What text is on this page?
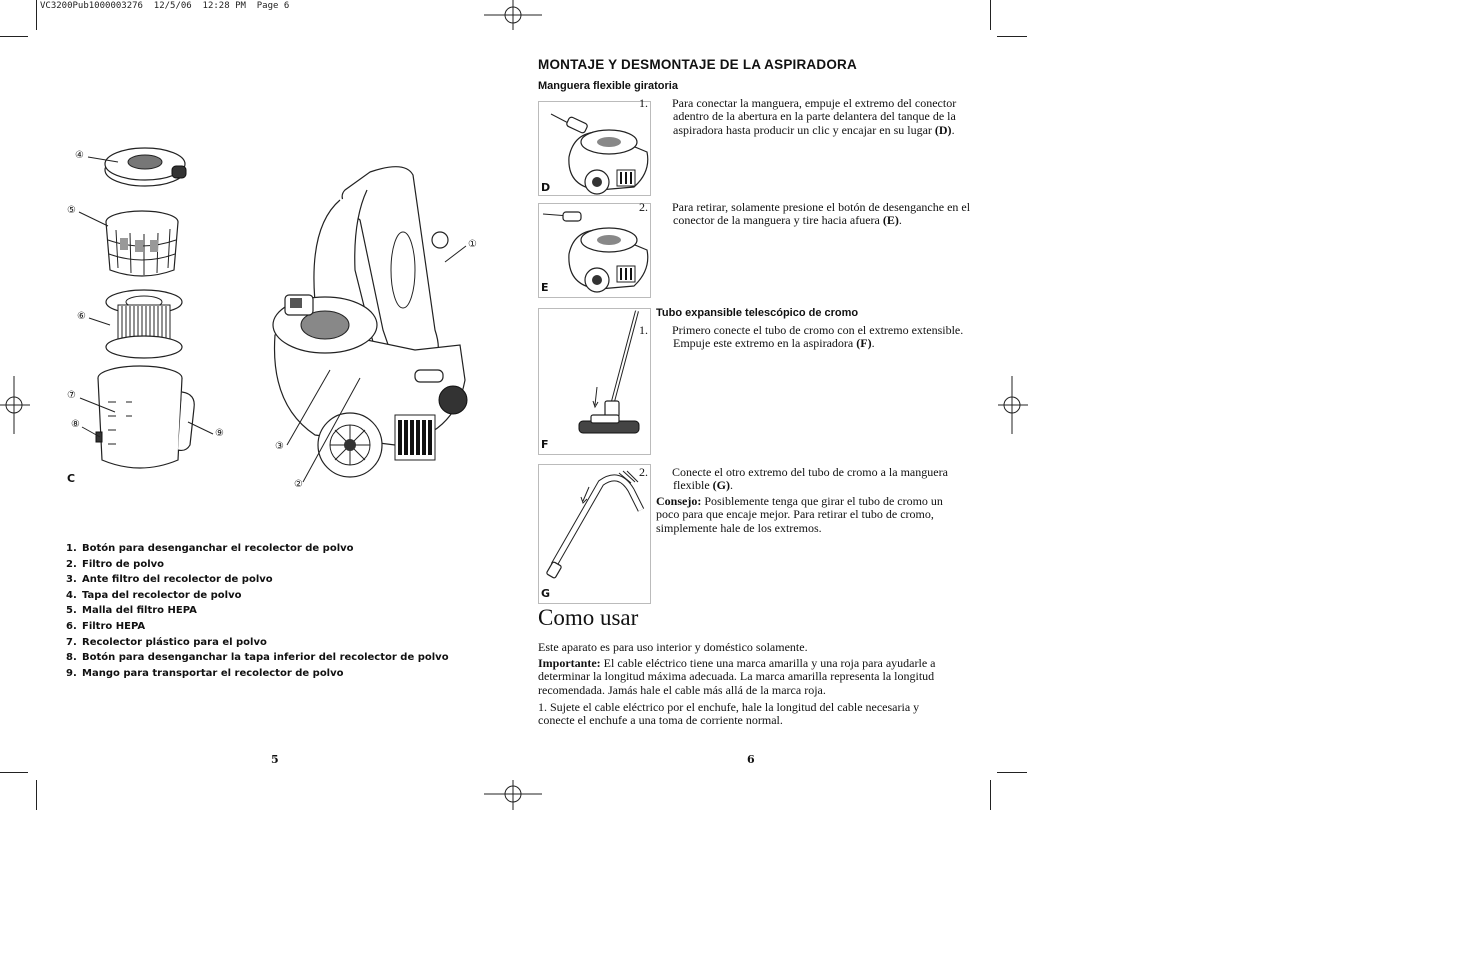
VC3200Pub1000003276  12/5/06  12:28 PM  Page 6
④
⑤
⑥
⑦
⑧
⑨
①
③
②
C
1. Botón para desenganchar el recolector de polvo
2. Filtro de polvo
3. Ante filtro del recolector de polvo
4. Tapa del recolector de polvo
5. Malla del filtro HEPA
6. Filtro HEPA
7. Recolector plástico para el polvo
8. Botón para desenganchar la tapa inferior del recolector de polvo
9. Mango para transportar el recolector de polvo
5
MONTAJE Y DESMONTAJE DE LA ASPIRADORA
Manguera flexible giratoria
D
1. Para conectar la manguera, empuje el extremo del conector adentro de la abertura en la parte delantera del tanque de la aspiradora hasta producir un clic y encajar en su lugar (D).
E
2. Para retirar, solamente presione el botón de desenganche en el conector de la manguera y tire hacia afuera (E).
F
Tubo expansible telescópico de cromo
1. Primero conecte el tubo de cromo con el extremo extensible. Empuje este extremo en la aspiradora (F).
G
2. Conecte el otro extremo del tubo de cromo a la manguera flexible (G).
Consejo: Posiblemente tenga que girar el tubo de cromo un poco para que encaje mejor. Para retirar el tubo de cromo, simplemente hale de los extremos.
Como usar
Este aparato es para uso interior y doméstico solamente.
Importante: El cable eléctrico tiene una marca amarilla y una roja para ayudarle a determinar la longitud máxima adecuada. La marca amarilla representa la longitud recomendada. Jamás hale el cable más allá de la marca roja.
1. Sujete el cable eléctrico por el enchufe, hale la longitud del cable necesaria y conecte el enchufe a una toma de corriente normal.
6
